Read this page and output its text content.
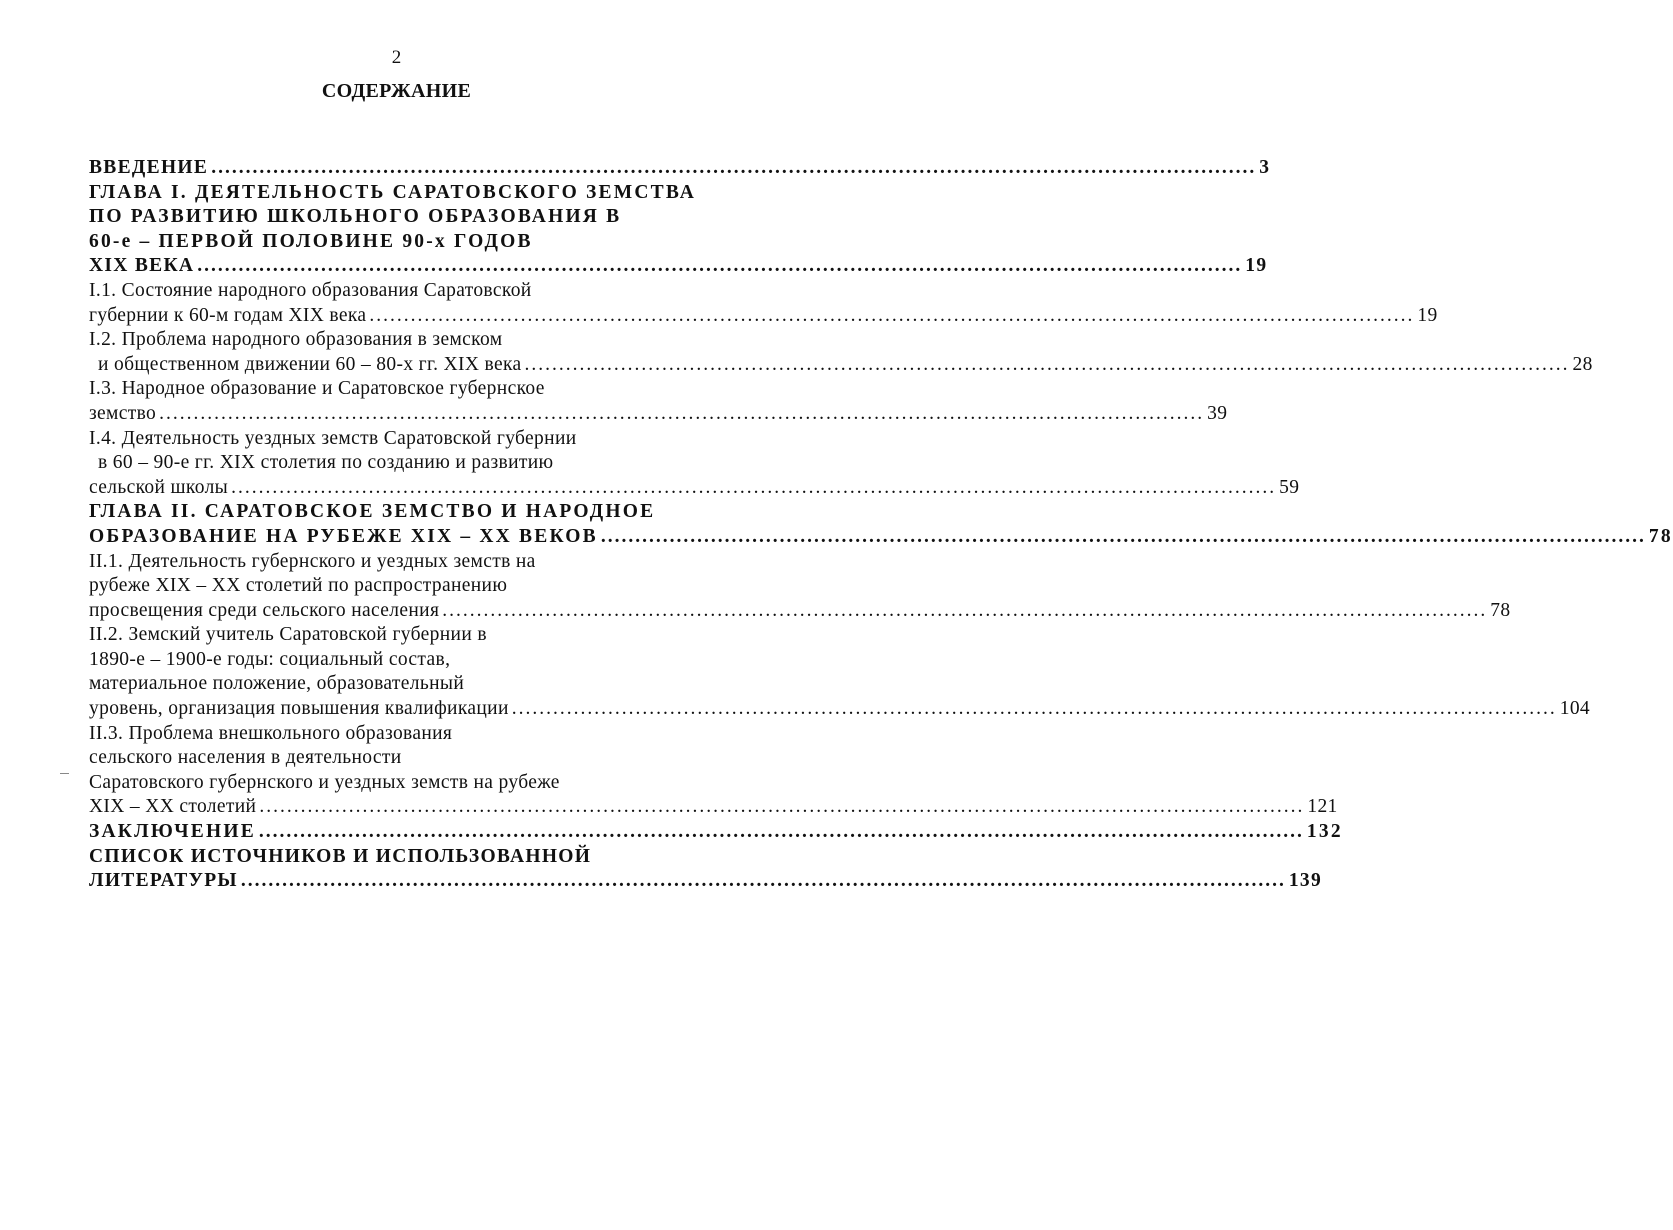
2
СОДЕРЖАНИЕ
ВВЕДЕНИЕ ........................................................................................................................................................ 3
ГЛАВА I. ДЕЯТЕЛЬНОСТЬ САРАТОВСКОГО ЗЕМСТВА
ПО РАЗВИТИЮ ШКОЛЬНОГО ОБРАЗОВАНИЯ В
60-е – ПЕРВОЙ ПОЛОВИНЕ 90-х ГОДОВ
XIX ВЕКА ........................................................................................................................................................ 19
I.1. Состояние народного образования Саратовской
губернии к 60-м годам XIX века ........................................................................................................................................................ 19
I.2. Проблема народного образования в земском
и общественном движении 60 – 80-х гг. XIX века ........................................................................................................................................................ 28
I.3. Народное образование и Саратовское губернское
земство ........................................................................................................................................................ 39
I.4. Деятельность уездных земств Саратовской губернии
в 60 – 90-е гг. XIX столетия по созданию и развитию
сельской школы ........................................................................................................................................................ 59
ГЛАВА II. САРАТОВСКОЕ ЗЕМСТВО И НАРОДНОЕ
ОБРАЗОВАНИЕ НА РУБЕЖЕ XIX – XX ВЕКОВ ........................................................................................................................................................ 78
II.1. Деятельность губернского и уездных земств на
рубеже XIX – XX столетий по распространению
просвещения среди сельского населения ........................................................................................................................................................ 78
II.2. Земский учитель Саратовской губернии в
1890-е – 1900-е годы: социальный состав,
материальное положение, образовательный
уровень, организация повышения квалификации ........................................................................................................................................................ 104
II.3. Проблема внешкольного образования
сельского населения в деятельности
Саратовского губернского и уездных земств на рубеже
XIX – XX столетий ........................................................................................................................................................ 121
ЗАКЛЮЧЕНИЕ ........................................................................................................................................................ 132
СПИСОК ИСТОЧНИКОВ И ИСПОЛЬЗОВАННОЙ
ЛИТЕРАТУРЫ ........................................................................................................................................................ 139
